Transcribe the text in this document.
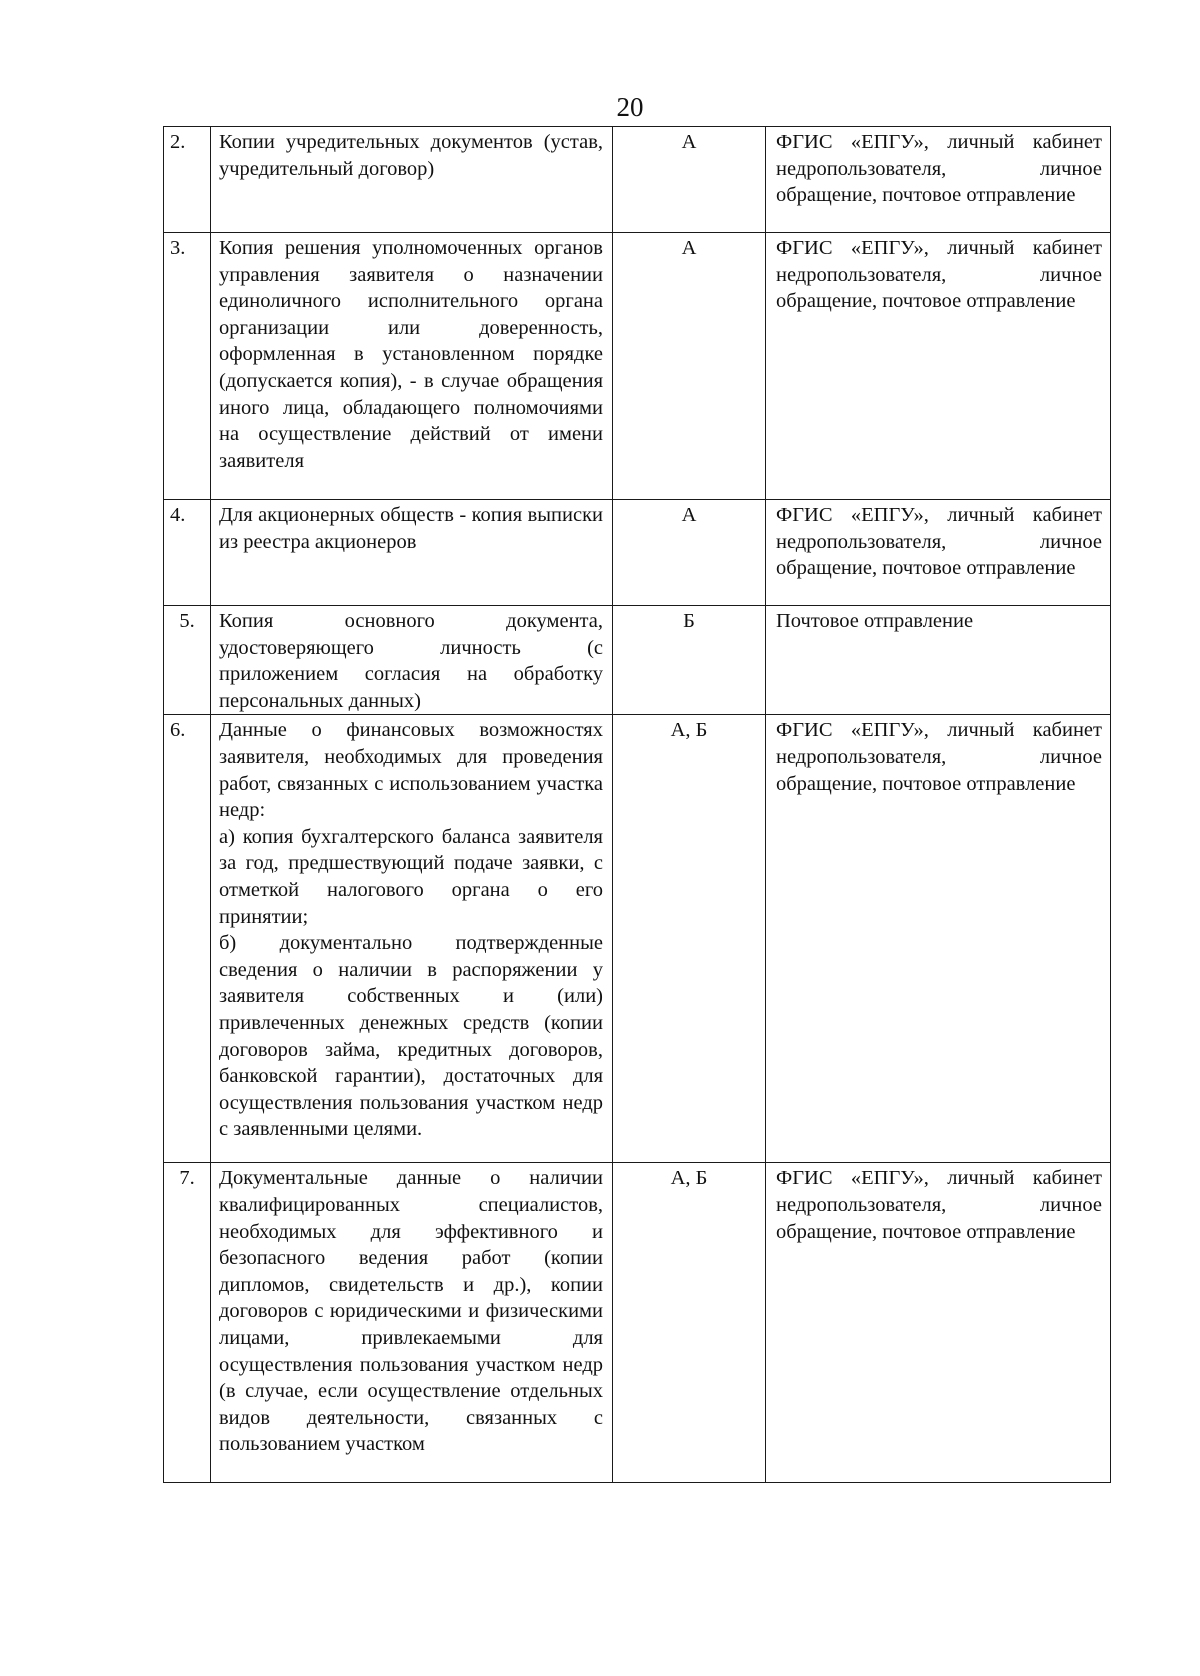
20
2.	Копии учредительных документов (устав, учредительный договор)	А	ФГИС «ЕПГУ», личный кабинет недропользователя, личное обращение, почтовое отправление

3.	Копия решения уполномоченных органов управления заявителя о назначении единоличного исполнительного органа организации или доверенность, оформленная в установленном порядке (допускается копия), - в случае обращения иного лица, обладающего полномочиями на осуществление действий от имени заявителя	А	ФГИС «ЕПГУ», личный кабинет недропользователя, личное обращение, почтовое отправление

4.	Для акционерных обществ - копия выписки из реестра акционеров	А	ФГИС «ЕПГУ», личный кабинет недропользователя, личное обращение, почтовое отправление

5.	Копия основного документа, удостоверяющего личность (с приложением согласия на обработку персональных данных)	Б	Почтовое отправление

6.	Данные о финансовых возможностях заявителя, необходимых для проведения работ, связанных с использованием участка недр:
а) копия бухгалтерского баланса заявителя за год, предшествующий подаче заявки, с отметкой налогового органа о его принятии;
б) документально подтвержденные сведения о наличии в распоряжении у заявителя собственных и (или) привлеченных денежных средств (копии договоров займа, кредитных договоров, банковской гарантии), достаточных для осуществления пользования участком недр с заявленными целями.	А, Б	ФГИС «ЕПГУ», личный кабинет недропользователя, личное обращение, почтовое отправление

7.	Документальные данные о наличии квалифицированных специалистов, необходимых для эффективного и безопасного ведения работ (копии дипломов, свидетельств и др.), копии договоров с юридическими и физическими лицами, привлекаемыми для осуществления пользования участком недр (в случае, если осуществление отдельных видов деятельности, связанных с пользованием участком	А, Б	ФГИС «ЕПГУ», личный кабинет недропользователя, личное обращение, почтовое отправление
